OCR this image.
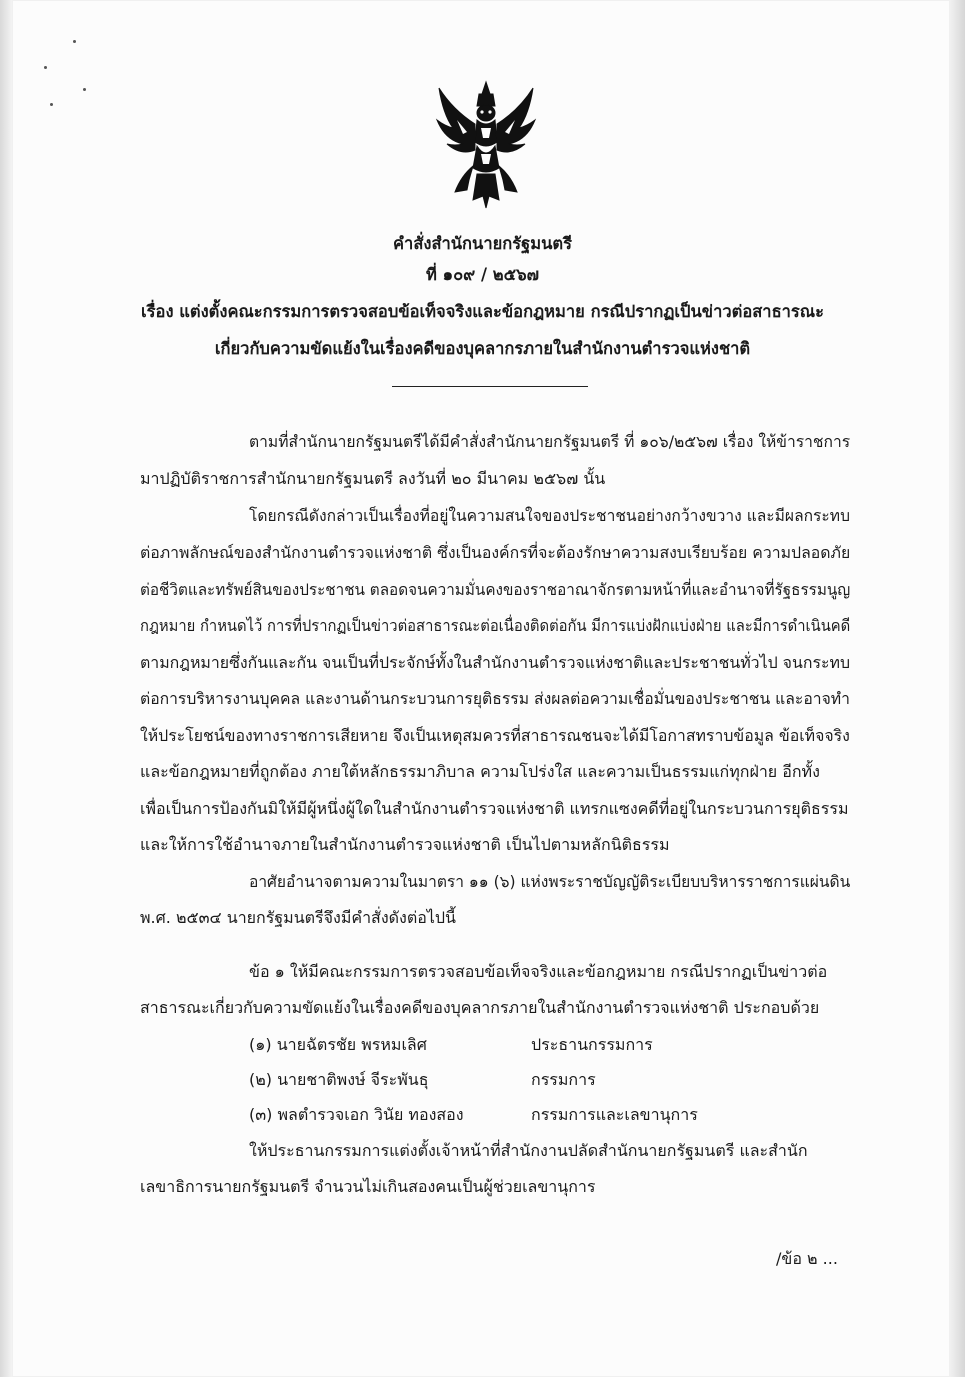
คำสั่งสำนักนายกรัฐมนตรี
ที่ ๑๐๙ / ๒๕๖๗
เรื่อง แต่งตั้งคณะกรรมการตรวจสอบข้อเท็จจริงและข้อกฎหมาย กรณีปรากฏเป็นข่าวต่อสาธารณะ
เกี่ยวกับความขัดแย้งในเรื่องคดีของบุคลากรภายในสำนักงานตำรวจแห่งชาติ
ตามที่สำนักนายกรัฐมนตรีได้มีคำสั่งสำนักนายกรัฐมนตรี ที่ ๑๐๖/๒๕๖๗ เรื่อง ให้ข้าราชการ
มาปฏิบัติราชการสำนักนายกรัฐมนตรี ลงวันที่ ๒๐ มีนาคม ๒๕๖๗ นั้น
โดยกรณีดังกล่าวเป็นเรื่องที่อยู่ในความสนใจของประชาชนอย่างกว้างขวาง และมีผลกระทบ
ต่อภาพลักษณ์ของสำนักงานตำรวจแห่งชาติ ซึ่งเป็นองค์กรที่จะต้องรักษาความสงบเรียบร้อย ความปลอดภัย
ต่อชีวิตและทรัพย์สินของประชาชน ตลอดจนความมั่นคงของราชอาณาจักรตามหน้าที่และอำนาจที่รัฐธรรมนูญ
กฎหมาย กำหนดไว้ การที่ปรากฏเป็นข่าวต่อสาธารณะต่อเนื่องติดต่อกัน มีการแบ่งฝักแบ่งฝ่าย และมีการดำเนินคดี
ตามกฎหมายซึ่งกันและกัน จนเป็นที่ประจักษ์ทั้งในสำนักงานตำรวจแห่งชาติและประชาชนทั่วไป จนกระทบ
ต่อการบริหารงานบุคคล และงานด้านกระบวนการยุติธรรม ส่งผลต่อความเชื่อมั่นของประชาชน และอาจทำ
ให้ประโยชน์ของทางราชการเสียหาย จึงเป็นเหตุสมควรที่สาธารณชนจะได้มีโอกาสทราบข้อมูล ข้อเท็จจริง
และข้อกฎหมายที่ถูกต้อง ภายใต้หลักธรรมาภิบาล ความโปร่งใส และความเป็นธรรมแก่ทุกฝ่าย อีกทั้ง
เพื่อเป็นการป้องกันมิให้มีผู้หนึ่งผู้ใดในสำนักงานตำรวจแห่งชาติ แทรกแซงคดีที่อยู่ในกระบวนการยุติธรรม
และให้การใช้อำนาจภายในสำนักงานตำรวจแห่งชาติ เป็นไปตามหลักนิติธรรม
อาศัยอำนาจตามความในมาตรา ๑๑ (๖) แห่งพระราชบัญญัติระเบียบบริหารราชการแผ่นดิน
พ.ศ. ๒๕๓๔ นายกรัฐมนตรีจึงมีคำสั่งดังต่อไปนี้
ข้อ ๑ ให้มีคณะกรรมการตรวจสอบข้อเท็จจริงและข้อกฎหมาย กรณีปรากฏเป็นข่าวต่อ
สาธารณะเกี่ยวกับความขัดแย้งในเรื่องคดีของบุคลากรภายในสำนักงานตำรวจแห่งชาติ ประกอบด้วย
(๑) นายฉัตรชัย พรหมเลิศ	ประธานกรรมการ
(๒) นายชาติพงษ์ จีระพันธุ	กรรมการ
(๓) พลตำรวจเอก วินัย ทองสอง	กรรมการและเลขานุการ
ให้ประธานกรรมการแต่งตั้งเจ้าหน้าที่สำนักงานปลัดสำนักนายกรัฐมนตรี และสำนัก
เลขาธิการนายกรัฐมนตรี จำนวนไม่เกินสองคนเป็นผู้ช่วยเลขานุการ
/ข้อ ๒ ...
